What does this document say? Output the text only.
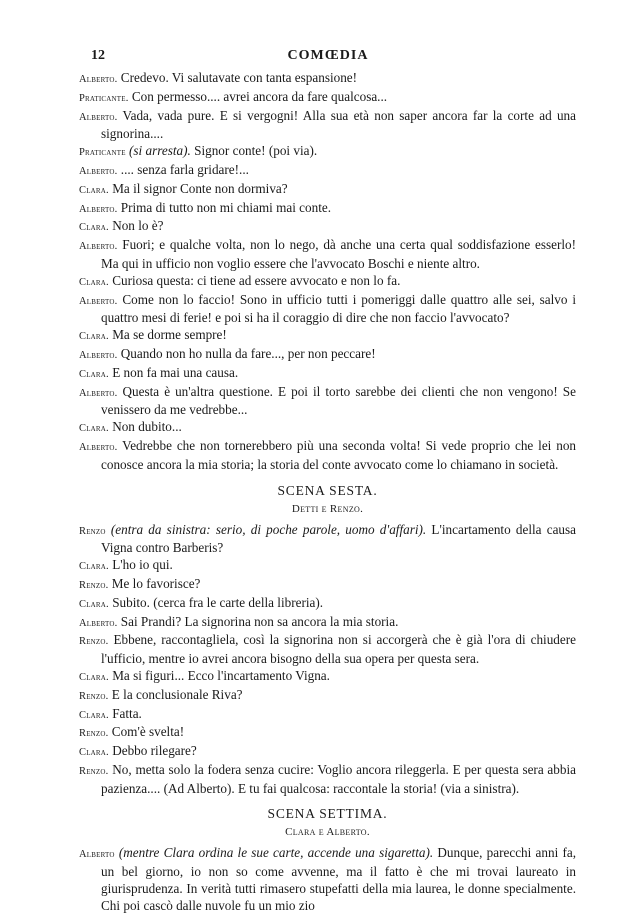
12	COMŒDIA

Alberto. Credevo. Vi salutavate con tanta espansione!

Praticante. Con permesso.... avrei ancora da fare qualcosa...

Alberto. Vada, vada pure. E si vergogni! Alla sua età non saper ancora far la corte ad una signorina....

Praticante (si arresta). Signor conte! (poi via).

Alberto. .... senza farla gridare!...

Clara. Ma il signor Conte non dormiva?

Alberto. Prima di tutto non mi chiami mai conte.

Clara. Non lo è?

Alberto. Fuori; e qualche volta, non lo nego, dà anche una certa qual soddisfazione esserlo! Ma qui in ufficio non voglio essere che l'avvocato Boschi e niente altro.

Clara. Curiosa questa: ci tiene ad essere avvocato e non lo fa.

Alberto. Come non lo faccio! Sono in ufficio tutti i pomeriggi dalle quattro alle sei, salvo i quattro mesi di ferie! e poi si ha il coraggio di dire che non faccio l'avvocato?

Clara. Ma se dorme sempre!

Alberto. Quando non ho nulla da fare..., per non peccare!

Clara. E non fa mai una causa.

Alberto. Questa è un'altra questione. E poi il torto sarebbe dei clienti che non vengono! Se venissero da me vedrebbe...

Clara. Non dubito...

Alberto. Vedrebbe che non tornerebbero più una seconda volta! Si vede proprio che lei non conosce ancora la mia storia; la storia del conte avvocato come lo chiamano in società.

SCENA SESTA.

Detti e Renzo.

Renzo (entra da sinistra: serio, di poche parole, uomo d'affari). L'incartamento della causa Vigna contro Barberis?

Clara. L'ho io qui.

Renzo. Me lo favorisce?

Clara. Subito. (cerca fra le carte della libreria).

Alberto. Sai Prandi? La signorina non sa ancora la mia storia.

Renzo. Ebbene, raccontagliela, così la signorina non si accorgerà che è già l'ora di chiudere l'ufficio, mentre io avrei ancora bisogno della sua opera per questa sera.

Clara. Ma si figuri... Ecco l'incartamento Vigna.

Renzo. E la conclusionale Riva?

Clara. Fatta.

Renzo. Com'è svelta!

Clara. Debbo rilegare?

Renzo. No, metta solo la fodera senza cucire: Voglio ancora rileggerla. E per questa sera abbia pazienza.... (Ad Alberto). E tu fai qualcosa: raccontale la storia! (via a sinistra).

SCENA SETTIMA.

Clara e Alberto.

Alberto (mentre Clara ordina le sue carte, accende una sigaretta). Dunque, parecchi anni fa, un bel giorno, io non so come avvenne, ma il fatto è che mi trovai laureato in giurisprudenza. In verità tutti rimasero stupefatti della mia laurea, le donne specialmente. Chi poi cascò dalle nuvole fu un mio zio
